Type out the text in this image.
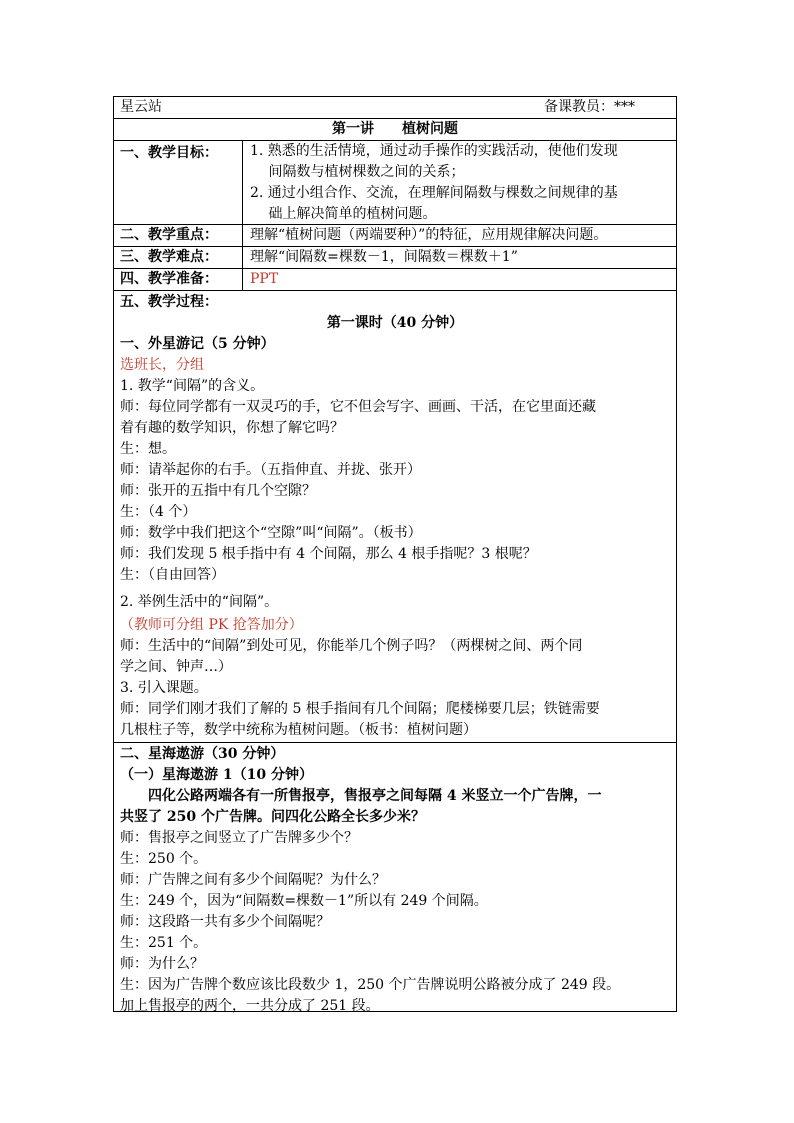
星云站	备课教员：***
第一讲　　植树问题
一、教学目标： 1. 熟悉的生活情境，通过动手操作的实践活动，使他们发现
　 间隔数与植树棵数之间的关系；
2. 通过小组合作、交流，在理解间隔数与棵数之间规律的基
　 础上解决简单的植树问题。
二、教学重点： 理解“植树问题（两端要种）”的特征，应用规律解决问题。
三、教学难点： 理解“间隔数=棵数－1，间隔数＝棵数＋1”
四、教学准备： PPT
五、教学过程：
第一课时（40 分钟）
一、外星游记（5 分钟）
选班长，分组
1. 教学“间隔”的含义。
师：每位同学都有一双灵巧的手，它不但会写字、画画、干活，在它里面还藏
着有趣的数学知识，你想了解它吗？
生：想。
师：请举起你的右手。（五指伸直、并拢、张开）
师：张开的五指中有几个空隙？
生：（4 个）
师：数学中我们把这个“空隙”叫“间隔”。（板书）
师：我们发现 5 根手指中有 4 个间隔，那么 4 根手指呢？3 根呢？
生：（自由回答）
2. 举例生活中的“间隔”。
（教师可分组 PK 抢答加分）
师：生活中的“间隔”到处可见，你能举几个例子吗？（两棵树之间、两个同
学之间、钟声…）
3. 引入课题。
师：同学们刚才我们了解的 5 根手指间有几个间隔；爬楼梯要几层；铁链需要
几根柱子等，数学中统称为植树问题。（板书：植树问题）
二、星海遨游（30 分钟）
（一）星海遨游 1（10 分钟）
　　四化公路两端各有一所售报亭，售报亭之间每隔 4 米竖立一个广告牌，一
共竖了 250 个广告牌。问四化公路全长多少米？
师：售报亭之间竖立了广告牌多少个？
生：250 个。
师：广告牌之间有多少个间隔呢？为什么？
生：249 个，因为“间隔数=棵数－1”所以有 249 个间隔。
师：这段路一共有多少个间隔呢？
生：251 个。
师：为什么？
生：因为广告牌个数应该比段数少 1，250 个广告牌说明公路被分成了 249 段。
加上售报亭的两个，一共分成了 251 段。
